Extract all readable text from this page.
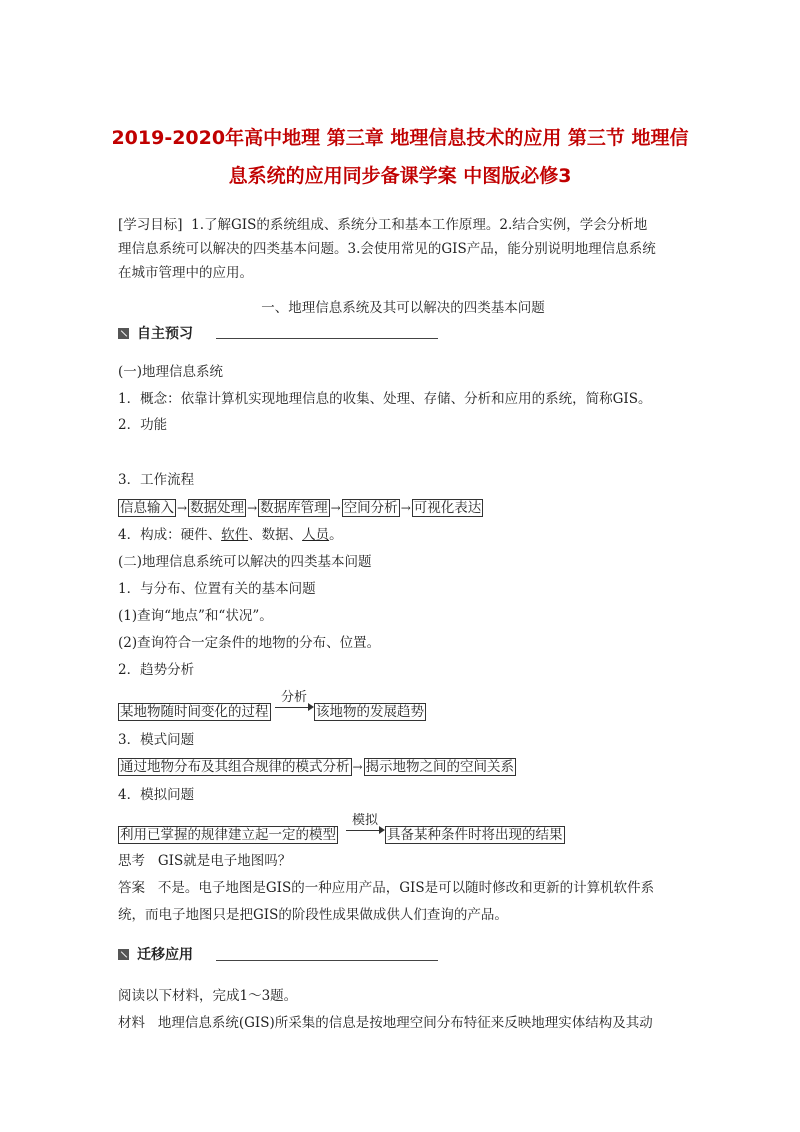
2019-2020年高中地理 第三章 地理信息技术的应用 第三节 地理信
息系统的应用同步备课学案 中图版必修3
[学习目标] 1.了解GIS的系统组成、系统分工和基本工作原理。2.结合实例，学会分析地
理信息系统可以解决的四类基本问题。3.会使用常见的GIS产品，能分别说明地理信息系统
在城市管理中的应用。
一、地理信息系统及其可以解决的四类基本问题
自主预习
(一)地理信息系统
1．概念：依靠计算机实现地理信息的收集、处理、存储、分析和应用的系统，简称GIS。
2．功能
3．工作流程
信息输入 → 数据处理 → 数据库管理 → 空间分析 → 可视化表达
4．构成：硬件、软件、数据、人员。
(二)地理信息系统可以解决的四类基本问题
1．与分布、位置有关的基本问题
(1)查询“地点”和“状况”。
(2)查询符合一定条件的地物的分布、位置。
2．趋势分析
某地物随时间变化的过程
分析
该地物的发展趋势
3．模式问题
通过地物分布及其组合规律的模式分析 → 揭示地物之间的空间关系
4．模拟问题
利用已掌握的规律建立起一定的模型
模拟
具备某种条件时将出现的结果
思考 GIS就是电子地图吗？
答案 不是。电子地图是GIS的一种应用产品，GIS是可以随时修改和更新的计算机软件系
统，而电子地图只是把GIS的阶段性成果做成供人们查询的产品。
迁移应用
阅读以下材料，完成1～3题。
材料 地理信息系统(GIS)所采集的信息是按地理空间分布特征来反映地理实体结构及其动
